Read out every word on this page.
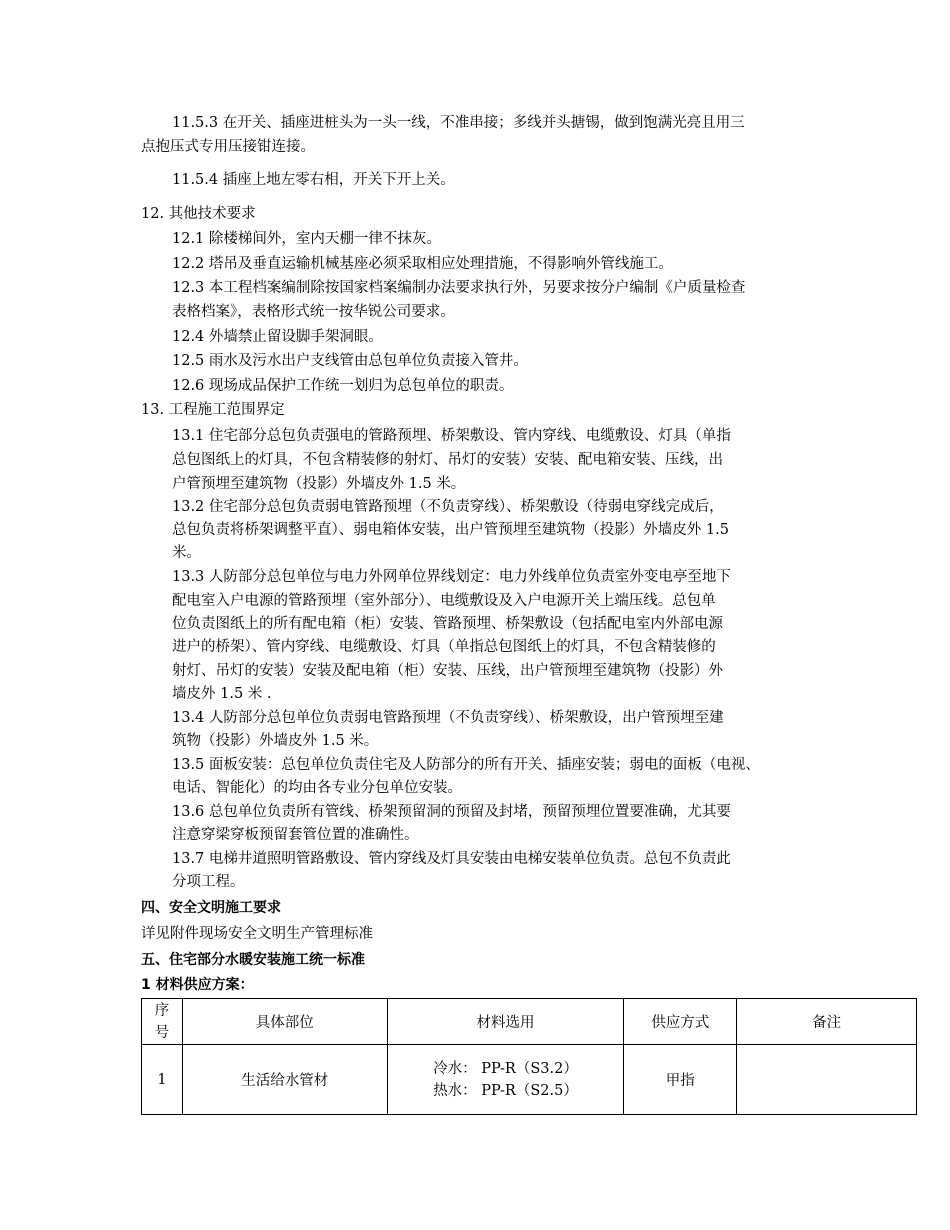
11.5.3 在开关、插座进桩头为一头一线，不准串接；多线并头搪锡，做到饱满光亮且用三
点抱压式专用压接钳连接。
11.5.4 插座上地左零右相，开关下开上关。
12. 其他技术要求
12.1 除楼梯间外，室内天棚一律不抹灰。
12.2 塔吊及垂直运输机械基座必须采取相应处理措施，不得影响外管线施工。
12.3 本工程档案编制除按国家档案编制办法要求执行外，另要求按分户编制《户质量检查
表格档案》，表格形式统一按华锐公司要求。
12.4 外墙禁止留设脚手架洞眼。
12.5 雨水及污水出户支线管由总包单位负责接入管井。
12.6 现场成品保护工作统一划归为总包单位的职责。
13. 工程施工范围界定
13.1 住宅部分总包负责强电的管路预埋、桥架敷设、管内穿线、电缆敷设、灯具（单指
总包图纸上的灯具，不包含精装修的射灯、吊灯的安装）安装、配电箱安装、压线，出
户管预埋至建筑物（投影）外墙皮外 1.5 米。
13.2 住宅部分总包负责弱电管路预埋（不负责穿线）、桥架敷设（待弱电穿线完成后，
总包负责将桥架调整平直）、弱电箱体安装，出户管预埋至建筑物（投影）外墙皮外 1.5
米。
13.3 人防部分总包单位与电力外网单位界线划定：电力外线单位负责室外变电亭至地下
配电室入户电源的管路预埋（室外部分）、电缆敷设及入户电源开关上端压线。总包单
位负责图纸上的所有配电箱（柜）安装、管路预埋、桥架敷设（包括配电室内外部电源
进户的桥架）、管内穿线、电缆敷设、灯具（单指总包图纸上的灯具，不包含精装修的
射灯、吊灯的安装）安装及配电箱（柜）安装、压线，出户管预埋至建筑物（投影）外
墙皮外 1.5 米 .
13.4 人防部分总包单位负责弱电管路预埋（不负责穿线）、桥架敷设，出户管预埋至建
筑物（投影）外墙皮外 1.5 米。
13.5 面板安装：总包单位负责住宅及人防部分的所有开关、插座安装；弱电的面板（电视、
电话、智能化）的均由各专业分包单位安装。
13.6 总包单位负责所有管线、桥架预留洞的预留及封堵，预留预埋位置要准确，尤其要
注意穿梁穿板预留套管位置的准确性。
13.7 电梯井道照明管路敷设、管内穿线及灯具安装由电梯安装单位负责。总包不负责此
分项工程。
四、安全文明施工要求
详见附件现场安全文明生产管理标准
五、住宅部分水暖安装施工统一标准
1 材料供应方案：
序
号	具体部位	材料选用	供应方式	备注
1	生活给水管材	冷水： PP-R（S3.2）
热水： PP-R（S2.5）	甲指	
